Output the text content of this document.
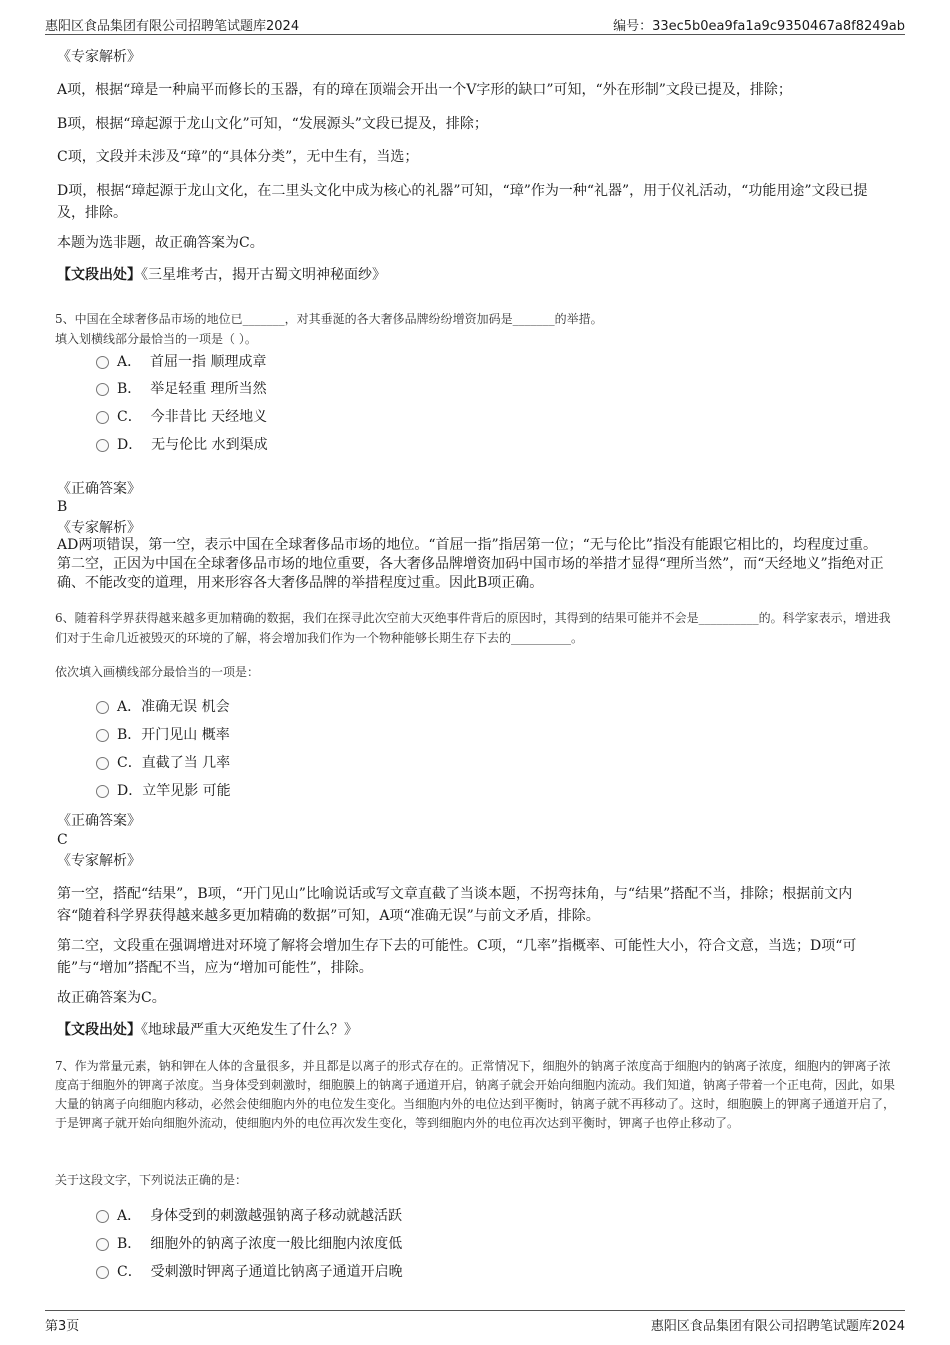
惠阳区食品集团有限公司招聘笔试题库2024	编号：33ec5b0ea9fa1a9c9350467a8f8249ab
《专家解析》
A项，根据“璋是一种扁平而修长的玉器，有的璋在顶端会开出一个V字形的缺口”可知，“外在形制”文段已提及，排除；
B项，根据“璋起源于龙山文化”可知，“发展源头”文段已提及，排除；
C项，文段并未涉及“璋”的“具体分类”，无中生有，当选；
D项，根据“璋起源于龙山文化，在二里头文化中成为核心的礼器”可知，“璋”作为一种“礼器”，用于仪礼活动，“功能用途”文段已提及，排除。
本题为选非题，故正确答案为C。
【文段出处】《三星堆考古，揭开古蜀文明神秘面纱》
5、中国在全球奢侈品市场的地位已_______，对其垂涎的各大奢侈品牌纷纷增资加码是_______的举措。
填入划横线部分最恰当的一项是（ ）。
A． 首屈一指 顺理成章
B． 举足轻重 理所当然
C． 今非昔比 天经地义
D． 无与伦比 水到渠成
《正确答案》
B
《专家解析》
AD两项错误，第一空，表示中国在全球奢侈品市场的地位。“首屈一指”指居第一位；“无与伦比”指没有能跟它相比的，均程度过重。第二空，正因为中国在全球奢侈品市场的地位重要，各大奢侈品牌增资加码中国市场的举措才显得“理所当然”，而“天经地义”指绝对正确、不能改变的道理，用来形容各大奢侈品牌的举措程度过重。因此B项正确。
6、随着科学界获得越来越多更加精确的数据，我们在探寻此次空前大灭绝事件背后的原因时，其得到的结果可能并不会是__________的。科学家表示，增进我们对于生命几近被毁灭的环境的了解，将会增加我们作为一个物种能够长期生存下去的__________。
依次填入画横线部分最恰当的一项是：
A．准确无误 机会
B．开门见山 概率
C．直截了当 几率
D．立竿见影 可能
《正确答案》
C
《专家解析》
第一空，搭配“结果”，B项，“开门见山”比喻说话或写文章直截了当谈本题，不拐弯抹角，与“结果”搭配不当，排除；根据前文内容“随着科学界获得越来越多更加精确的数据”可知，A项“准确无误”与前文矛盾，排除。
第二空，文段重在强调增进对环境了解将会增加生存下去的可能性。C项，“几率”指概率、可能性大小，符合文意，当选；D项“可能”与“增加”搭配不当，应为“增加可能性”，排除。
故正确答案为C。
【文段出处】《地球最严重大灭绝发生了什么？》
7、作为常量元素，钠和钾在人体的含量很多，并且都是以离子的形式存在的。正常情况下，细胞外的钠离子浓度高于细胞内的钠离子浓度，细胞内的钾离子浓度高于细胞外的钾离子浓度。当身体受到刺激时，细胞膜上的钠离子通道开启，钠离子就会开始向细胞内流动。我们知道，钠离子带着一个正电荷，因此，如果大量的钠离子向细胞内移动，必然会使细胞内外的电位发生变化。当细胞内外的电位达到平衡时，钠离子就不再移动了。这时，细胞膜上的钾离子通道开启了，于是钾离子就开始向细胞外流动，使细胞内外的电位再次发生变化，等到细胞内外的电位再次达到平衡时，钾离子也停止移动了。
关于这段文字，下列说法正确的是：
A． 身体受到的刺激越强钠离子移动就越活跃
B． 细胞外的钠离子浓度一般比细胞内浓度低
C． 受刺激时钾离子通道比钠离子通道开启晚
第3页	惠阳区食品集团有限公司招聘笔试题库2024
